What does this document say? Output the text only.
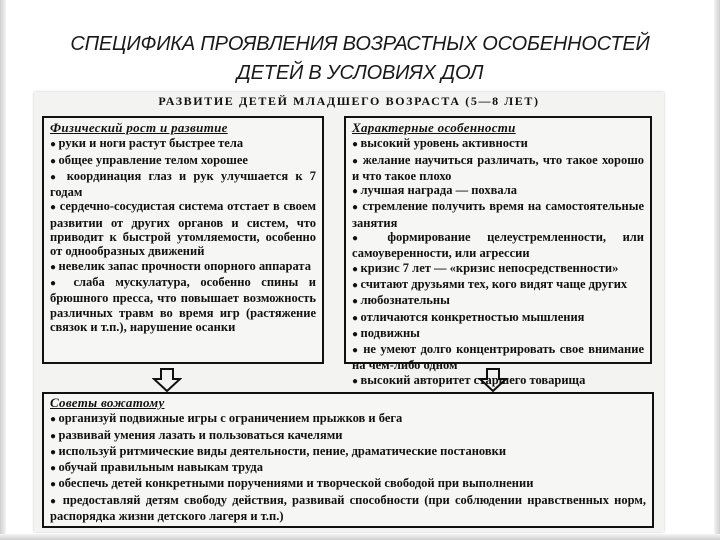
СПЕЦИФИКА ПРОЯВЛЕНИЯ ВОЗРАСТНЫХ ОСОБЕННОСТЕЙ
ДЕТЕЙ В УСЛОВИЯХ ДОЛ
РАЗВИТИЕ ДЕТЕЙ МЛАДШЕГО ВОЗРАСТА (5—8 ЛЕТ)
Физический рост и развитие
● руки и ноги растут быстрее тела
● общее управление телом хорошее
● координация глаз и рук улучшается к 7 годам
● сердечно-сосудистая система отстает в своем развитии от других органов и систем, что приводит к быстрой утомляемости, особенно от однообразных движений
● невелик запас прочности опорного аппарата
● слаба мускулатура, особенно спины и брюшного пресса, что повышает возможность различных травм во время игр (растяжение связок и т.п.), нарушение осанки
Характерные особенности
● высокий уровень активности
● желание научиться различать, что такое хорошо и что такое плохо
● лучшая награда — похвала
● стремление получить время на самостоятельные занятия
● формирование целеустремленности, или самоуверенности, или агрессии
● кризис 7 лет — «кризис непосредственности»
● считают друзьями тех, кого видят чаще других
● любознательны
● отличаются конкретностью мышления
● подвижны
● не умеют долго концентрировать свое внимание на чем-либо одном
● высокий авторитет старшего товарища
Советы вожатому
● организуй подвижные игры с ограничением прыжков и бега
● развивай умения лазать и пользоваться качелями
● используй ритмические виды деятельности, пение, драматические постановки
● обучай правильным навыкам труда
● обеспечь детей конкретными поручениями и творческой свободой при выполнении
● предоставляй детям свободу действия, развивай способности (при соблюдении нравственных норм, распорядка жизни детского лагеря и т.п.)
